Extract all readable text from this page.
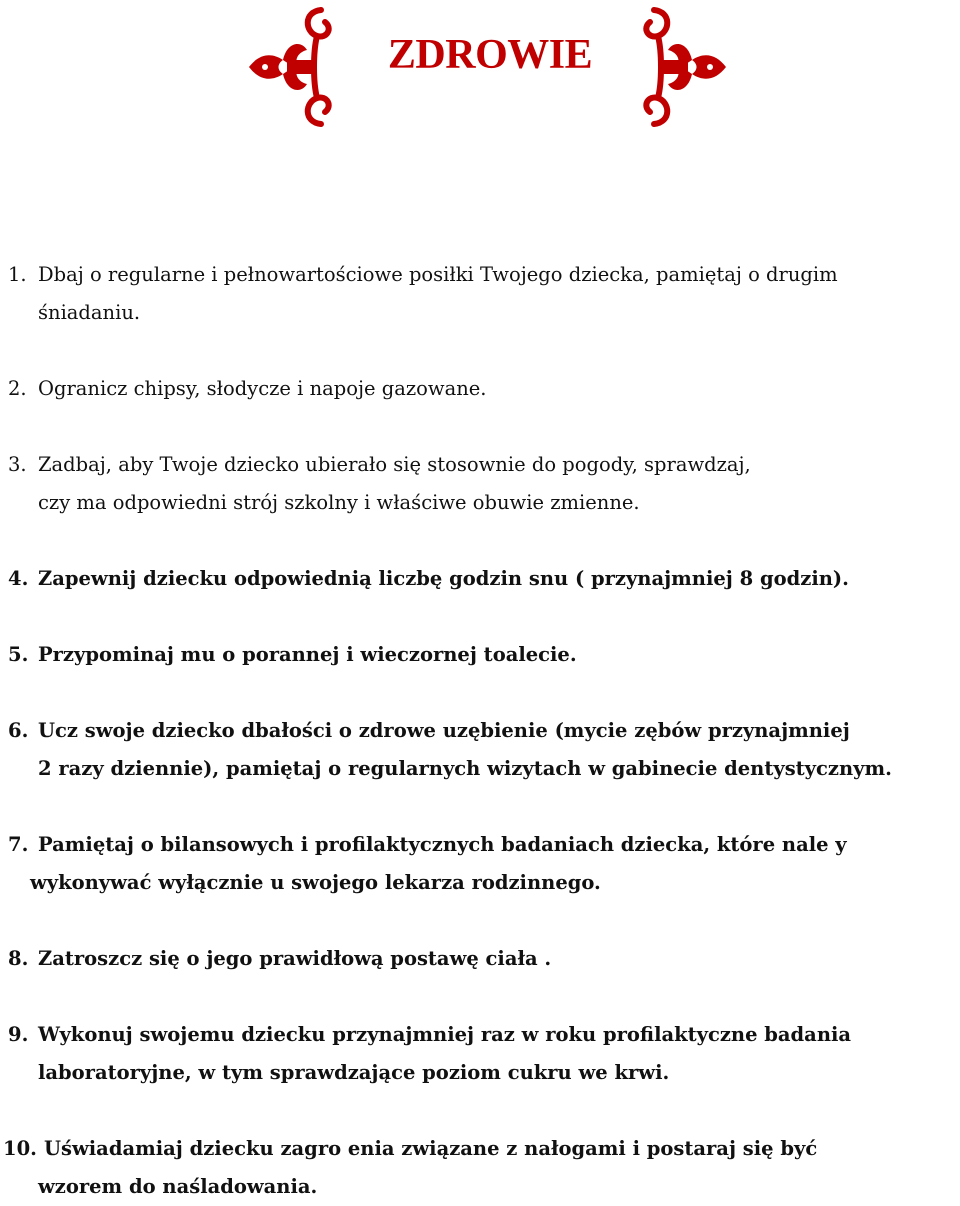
ZDROWIE
1. Dbaj o regularne i pełnowartościowe posiłki Twojego dziecka, pamiętaj o drugim
śniadaniu.
2. Ogranicz chipsy, słodycze i napoje gazowane.
3. Zadbaj, aby Twoje dziecko ubierało się stosownie do pogody, sprawdzaj,
czy ma odpowiedni strój szkolny i właściwe obuwie zmienne.
4. Zapewnij dziecku odpowiednią liczbę godzin snu ( przynajmniej 8 godzin).
5. Przypominaj mu o porannej i wieczornej toalecie.
6. Ucz swoje dziecko dbałości o zdrowe uzębienie (mycie zębów przynajmniej
2 razy dziennie), pamiętaj o regularnych wizytach w gabinecie dentystycznym.
7. Pamiętaj o bilansowych i profilaktycznych badaniach dziecka, które nale y
wykonywać wyłącznie u swojego lekarza rodzinnego.
8. Zatroszcz się o jego prawidłową postawę ciała .
9. Wykonuj swojemu dziecku przynajmniej raz w roku profilaktyczne badania
laboratoryjne, w tym sprawdzające poziom cukru we krwi.
10. Uświadamiaj dziecku zagro enia związane z nałogami i postaraj się być
wzorem do naśladowania.
